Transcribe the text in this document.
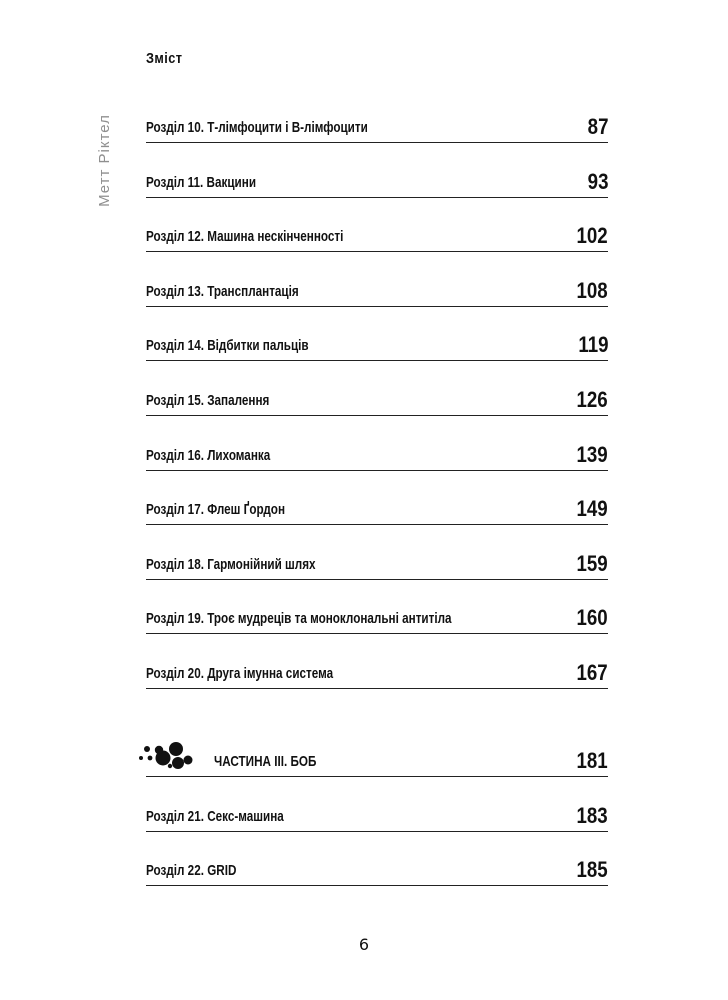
Зміст
Метт Ріктел Розділ 10. Т-лімфоцити і В-лімфоцити	87
Розділ 11. Вакцини	93
Розділ 12. Машина нескінченності	102
Розділ 13. Трансплантація	108
Розділ 14. Відбитки пальців	119
Розділ 15. Запалення	126
Розділ 16. Лихоманка	139
Розділ 17. Флеш Ґордон	149
Розділ 18. Гармонійний шлях	159
Розділ 19. Троє мудреців та моноклональні антитіла	160
Розділ 20. Друга імунна система	167
ЧАСТИНА III. БОБ	181
Розділ 21. Секс-машина	183
Розділ 22. GRID	185
6
